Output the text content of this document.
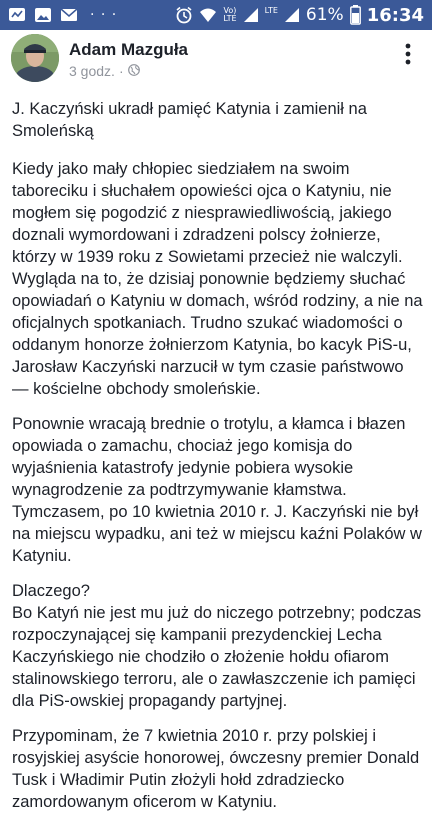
· · ·	Vo)
LTE
LTE
61% 16:34
Adam Mazguła
3 godz. ·

J. Kaczyński ukradł pamięć Katynia i zamienił na Smoleńską

Kiedy jako mały chłopiec siedziałem na swoim taboreciku i słuchałem opowieści ojca o Katyniu, nie mogłem się pogodzić z niesprawiedliwością, jakiego doznali wymordowani i zdradzeni polscy żołnierze, którzy w 1939 roku z Sowietami przecież nie walczyli. Wygląda na to, że dzisiaj ponownie będziemy słuchać opowiadań o Katyniu w domach, wśród rodziny, a nie na oficjalnych spotkaniach. Trudno szukać wiadomości o oddanym honorze żołnierzom Katynia, bo kacyk PiS-u, Jarosław Kaczyński narzucił w tym czasie państwowo — kościelne obchody smoleńskie.

Ponownie wracają brednie o trotylu, a kłamca i błazen opowiada o zamachu, chociaż jego komisja do wyjaśnienia katastrofy jedynie pobiera wysokie wynagrodzenie za podtrzymywanie kłamstwa. Tymczasem, po 10 kwietnia 2010 r. J. Kaczyński nie był na miejscu wypadku, ani też w miejscu kaźni Polaków w Katyniu.

Dlaczego?
Bo Katyń nie jest mu już do niczego potrzebny; podczas rozpoczynającej się kampanii prezydenckiej Lecha Kaczyńskiego nie chodziło o złożenie hołdu ofiarom stalinowskiego terroru, ale o zawłaszczenie ich pamięci dla PiS-owskiej propagandy partyjnej.

Przypominam, że 7 kwietnia 2010 r. przy polskiej i rosyjskiej asyście honorowej, ówczesny premier Donald Tusk i Władimir Putin złożyli hołd zdradziecko zamordowanym oficerom w Katyniu.
